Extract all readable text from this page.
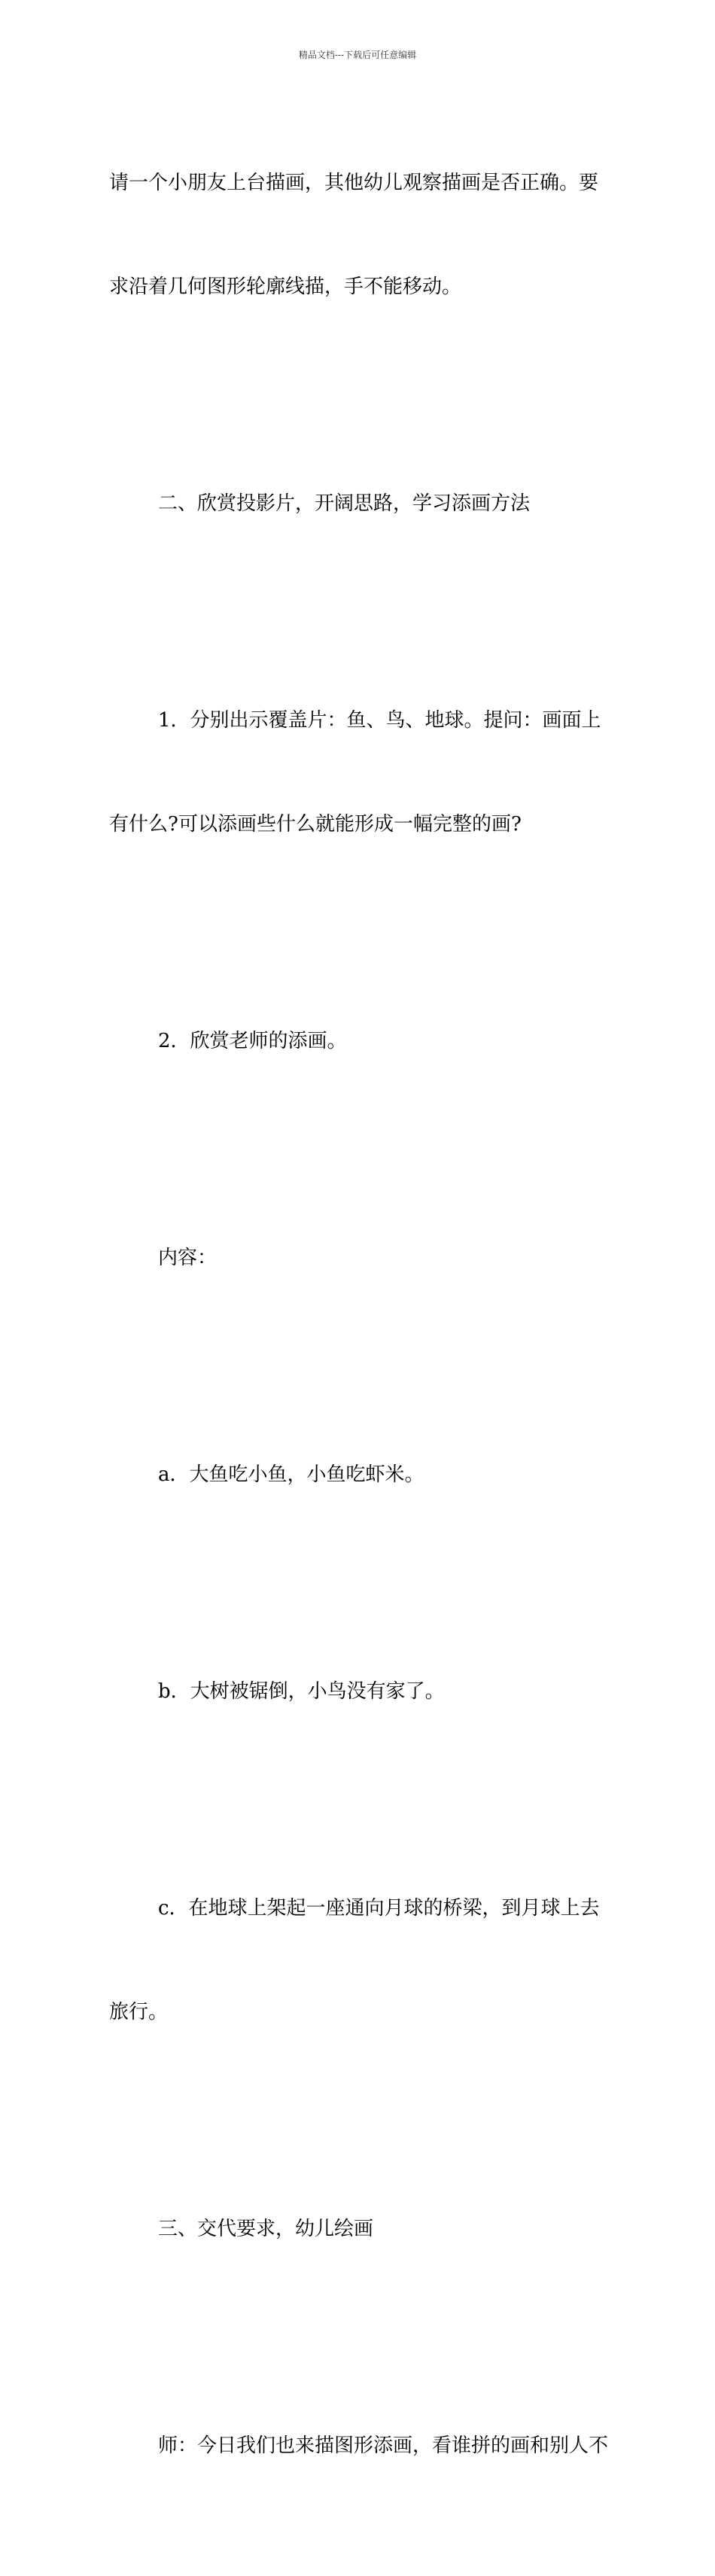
精品文档---下载后可任意编辑

请一个小朋友上台描画，其他幼儿观察描画是否正确。要

求沿着几何图形轮廓线描，手不能移动。

二、欣赏投影片，开阔思路，学习添画方法

1．分别出示覆盖片：鱼、鸟、地球。提问：画面上

有什么?可以添画些什么就能形成一幅完整的画?

2．欣赏老师的添画。

内容：

a．大鱼吃小鱼，小鱼吃虾米。

b．大树被锯倒，小鸟没有家了。

c．在地球上架起一座通向月球的桥梁，到月球上去

旅行。

三、交代要求，幼儿绘画

师：今日我们也来描图形添画，看谁拼的画和别人不
